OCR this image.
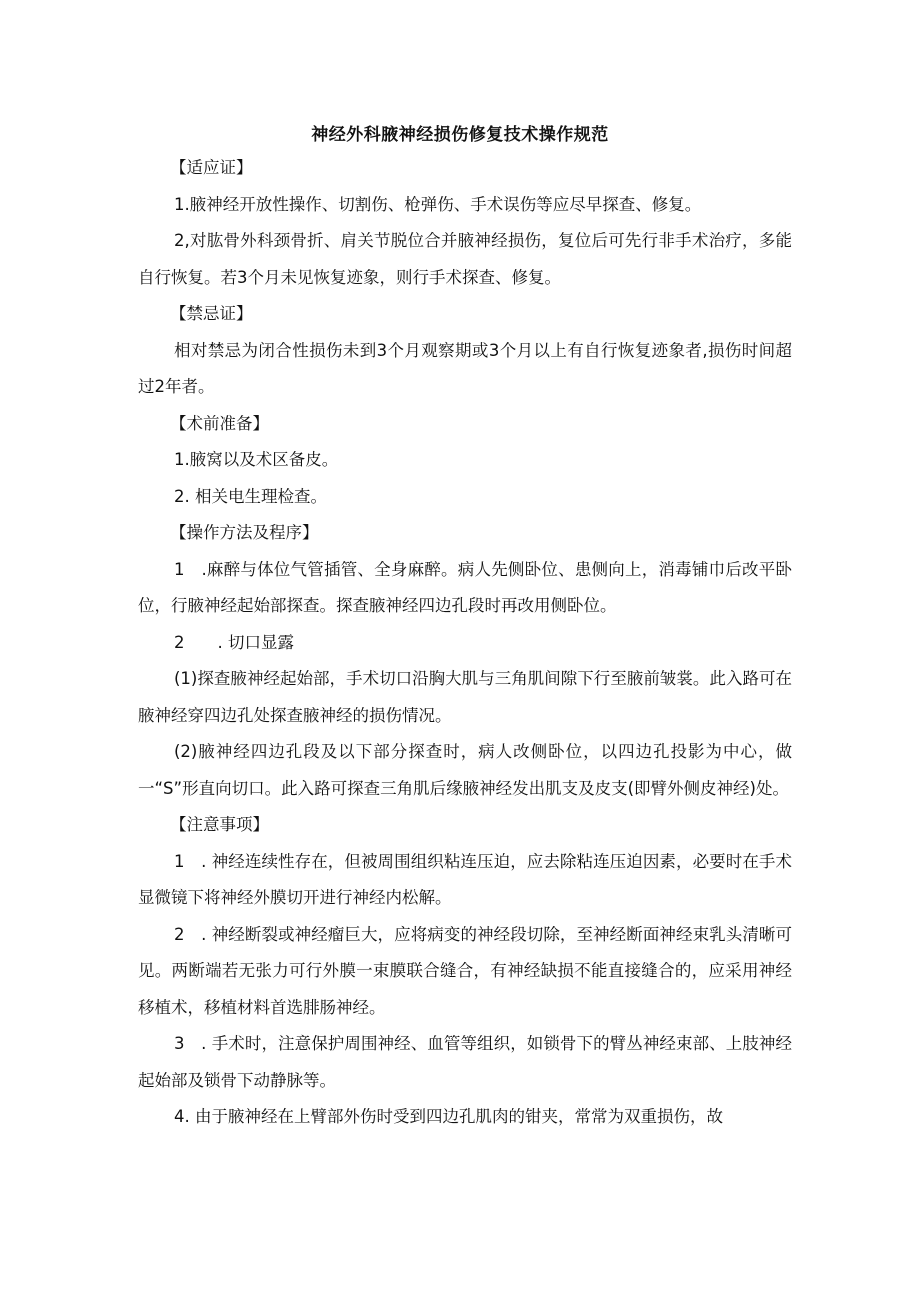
神经外科腋神经损伤修复技术操作规范

【适应证】

1.腋神经开放性操作、切割伤、枪弹伤、手术误伤等应尽早探查、修复。

2,对肱骨外科颈骨折、肩关节脱位合并腋神经损伤，复位后可先行非手术治疗，多能自行恢复。若3个月未见恢复迹象，则行手术探查、修复。

【禁忌证】

相对禁忌为闭合性损伤未到3个月观察期或3个月以上有自行恢复迹象者,损伤时间超过2年者。

【术前准备】

1.腋窝以及术区备皮。

2. 相关电生理检查。

【操作方法及程序】

1　.麻醉与体位气管插管、全身麻醉。病人先侧卧位、患侧向上，消毒铺巾后改平卧位，行腋神经起始部探查。探查腋神经四边孔段时再改用侧卧位。

2　　. 切口显露

(1)探查腋神经起始部，手术切口沿胸大肌与三角肌间隙下行至腋前皱裳。此入路可在腋神经穿四边孔处探查腋神经的损伤情况。

(2)腋神经四边孔段及以下部分探查时，病人改侧卧位，以四边孔投影为中心，做一“S”形直向切口。此入路可探查三角肌后缘腋神经发出肌支及皮支(即臂外侧皮神经)处。

【注意事项】

1　. 神经连续性存在，但被周围组织粘连压迫，应去除粘连压迫因素，必要时在手术显微镜下将神经外膜切开进行神经内松解。

2　. 神经断裂或神经瘤巨大，应将病变的神经段切除，至神经断面神经束乳头清晰可见。两断端若无张力可行外膜一束膜联合缝合，有神经缺损不能直接缝合的，应采用神经移植术，移植材料首选腓肠神经。

3　. 手术时，注意保护周围神经、血管等组织，如锁骨下的臂丛神经束部、上肢神经起始部及锁骨下动静脉等。

4. 由于腋神经在上臂部外伤时受到四边孔肌肉的钳夹，常常为双重损伤，故
